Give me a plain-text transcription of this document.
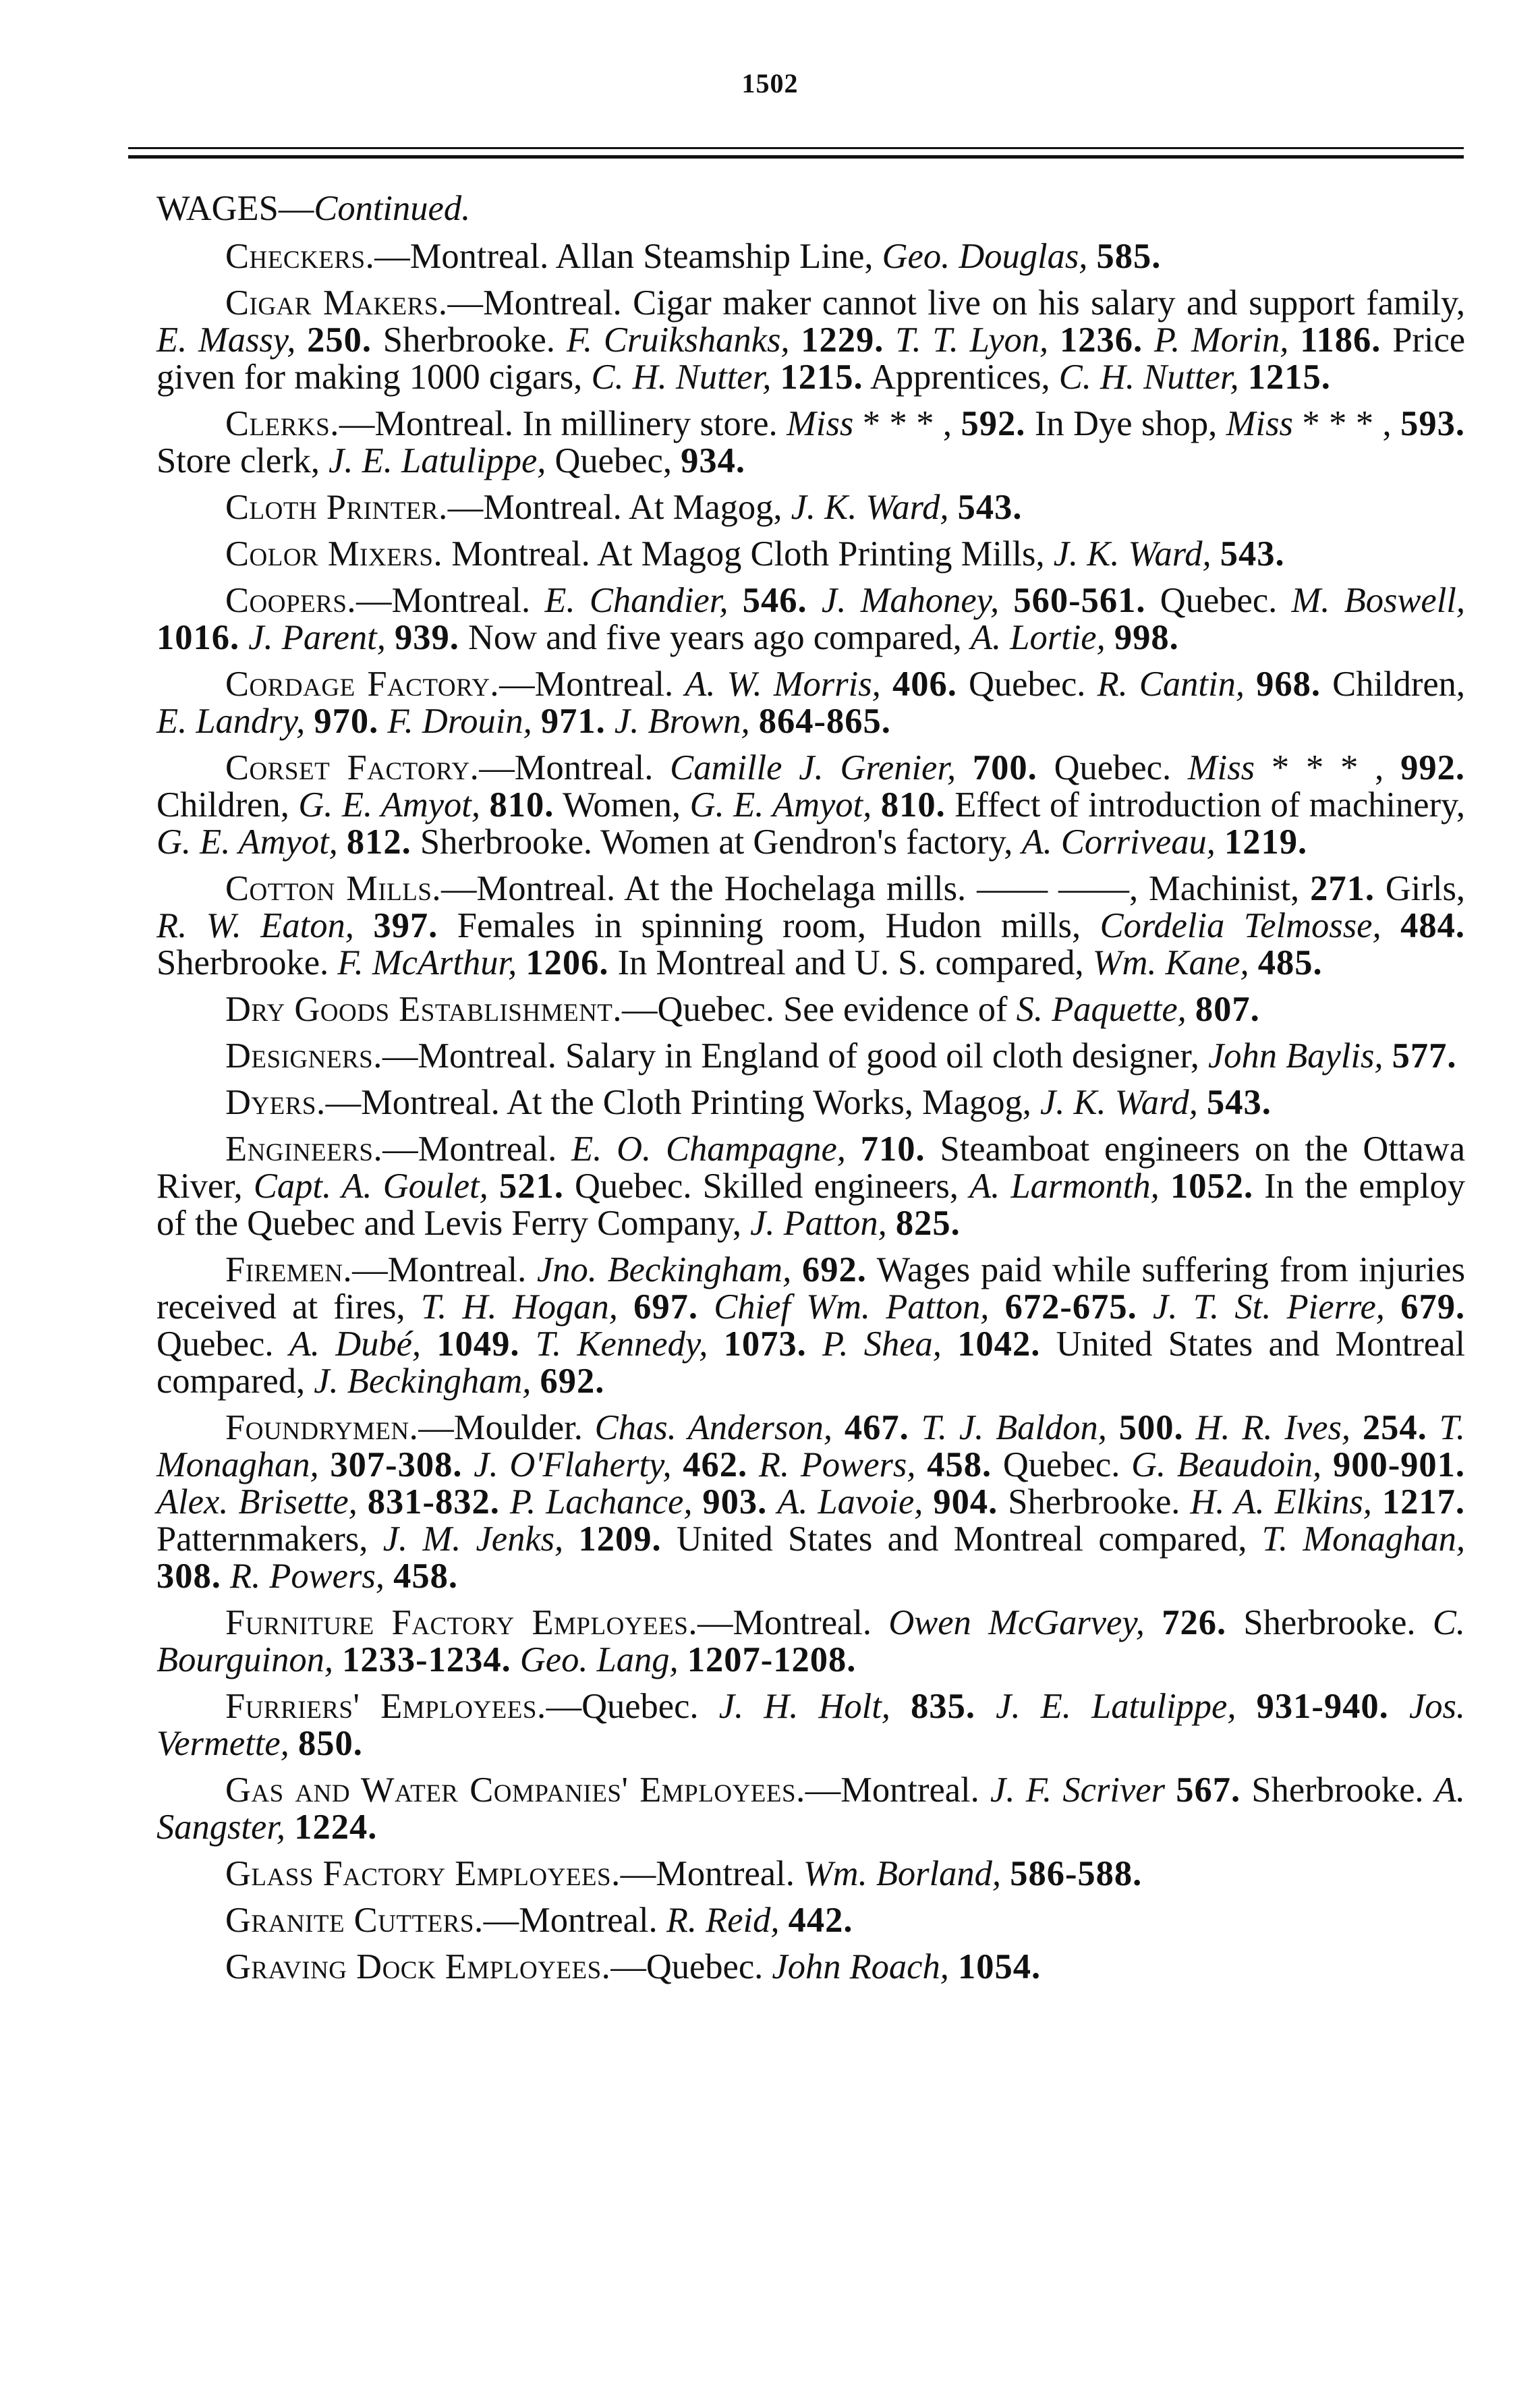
1502

WAGES—Continued.

Checkers.—Montreal. Allan Steamship Line, Geo. Douglas, 585.

Cigar Makers.—Montreal. Cigar maker cannot live on his salary and support family, E. Massy, 250. Sherbrooke. F. Cruikshanks, 1229. T. T. Lyon, 1236. P. Morin, 1186. Price given for making 1000 cigars, C. H. Nutter, 1215. Apprentices, C. H. Nutter, 1215.

Clerks.—Montreal. In millinery store. Miss * * * , 592. In Dye shop, Miss * * * , 593. Store clerk, J. E. Latulippe, Quebec, 934.

Cloth Printer.—Montreal. At Magog, J. K. Ward, 543.

Color Mixers. Montreal. At Magog Cloth Printing Mills, J. K. Ward, 543.

Coopers.—Montreal. E. Chandier, 546. J. Mahoney, 560-561. Quebec. M. Boswell, 1016. J. Parent, 939. Now and five years ago compared, A. Lortie, 998.

Cordage Factory.—Montreal. A. W. Morris, 406. Quebec. R. Cantin, 968. Children, E. Landry, 970. F. Drouin, 971. J. Brown, 864-865.

Corset Factory.—Montreal. Camille J. Grenier, 700. Quebec. Miss * * * , 992. Children, G. E. Amyot, 810. Women, G. E. Amyot, 810. Effect of introduction of machinery, G. E. Amyot, 812. Sherbrooke. Women at Gendron's factory, A. Corriveau, 1219.

Cotton Mills.—Montreal. At the Hochelaga mills. —— ——, Machinist, 271. Girls, R. W. Eaton, 397. Females in spinning room, Hudon mills, Cordelia Telmosse, 484. Sherbrooke. F. McArthur, 1206. In Montreal and U. S. compared, Wm. Kane, 485.

Dry Goods Establishment.—Quebec. See evidence of S. Paquette, 807.

Designers.—Montreal. Salary in England of good oil cloth designer, John Baylis, 577.

Dyers.—Montreal. At the Cloth Printing Works, Magog, J. K. Ward, 543.

Engineers.—Montreal. E. O. Champagne, 710. Steamboat engineers on the Ottawa River, Capt. A. Goulet, 521. Quebec. Skilled engineers, A. Larmonth, 1052. In the employ of the Quebec and Levis Ferry Company, J. Patton, 825.

Firemen.—Montreal. Jno. Beckingham, 692. Wages paid while suffering from injuries received at fires, T. H. Hogan, 697. Chief Wm. Patton, 672-675. J. T. St. Pierre, 679. Quebec. A. Dubé, 1049. T. Kennedy, 1073. P. Shea, 1042. United States and Montreal compared, J. Beckingham, 692.

Foundrymen.—Moulder. Chas. Anderson, 467. T. J. Baldon, 500. H. R. Ives, 254. T. Monaghan, 307-308. J. O'Flaherty, 462. R. Powers, 458. Quebec. G. Beaudoin, 900-901. Alex. Brisette, 831-832. P. Lachance, 903. A. Lavoie, 904. Sherbrooke. H. A. Elkins, 1217. Patternmakers, J. M. Jenks, 1209. United States and Montreal compared, T. Monaghan, 308. R. Powers, 458.

Furniture Factory Employees.—Montreal. Owen McGarvey, 726. Sherbrooke. C. Bourguinon, 1233-1234. Geo. Lang, 1207-1208.

Furriers' Employees.—Quebec. J. H. Holt, 835. J. E. Latulippe, 931-940. Jos. Vermette, 850.

Gas and Water Companies' Employees.—Montreal. J. F. Scriver 567. Sherbrooke. A. Sangster, 1224.

Glass Factory Employees.—Montreal. Wm. Borland, 586-588.

Granite Cutters.—Montreal. R. Reid, 442.

Graving Dock Employees.—Quebec. John Roach, 1054.
